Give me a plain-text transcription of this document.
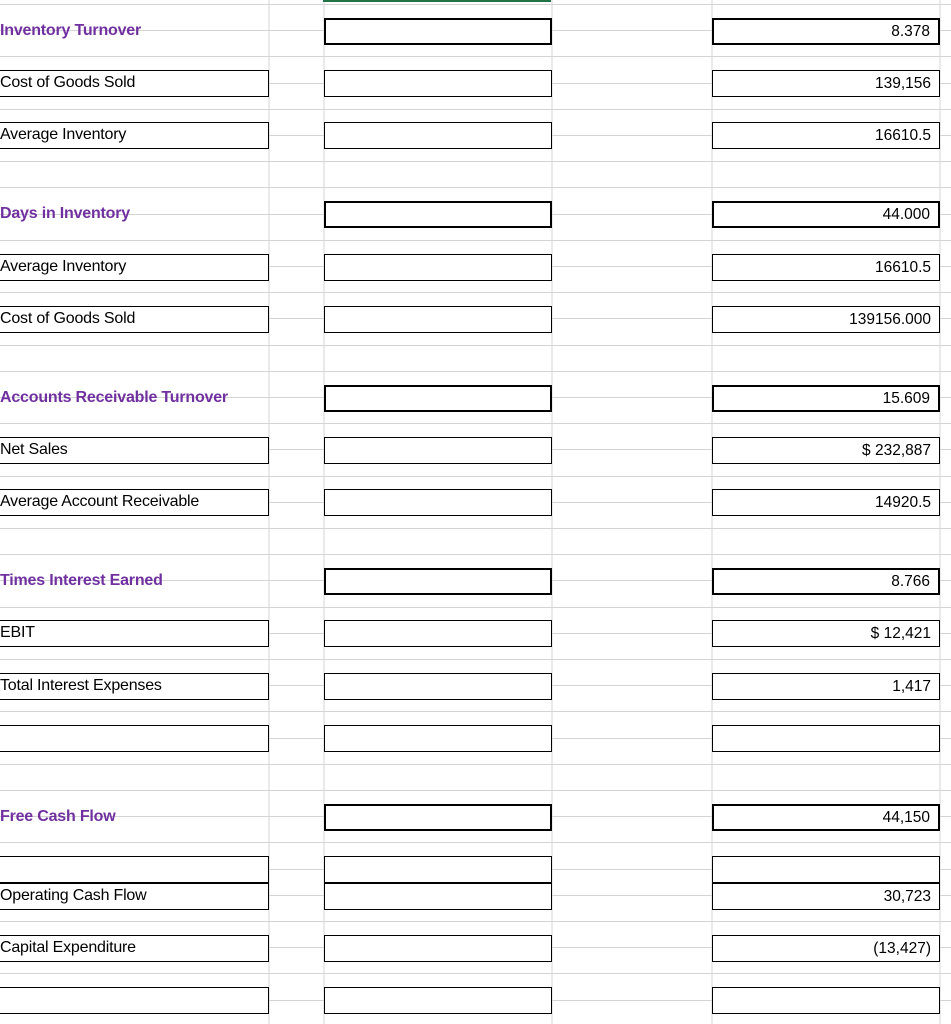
Inventory Turnover	8.378
Cost of Goods Sold	139,156
Average Inventory	16610.5
Days in Inventory	44.000
Average Inventory	16610.5
Cost of Goods Sold	139156.000
Accounts Receivable Turnover	15.609
Net Sales	$ 232,887
Average Account Receivable	14920.5
Times Interest Earned	8.766
EBIT	$ 12,421
Total Interest Expenses	1,417
Free Cash Flow	44,150
Operating Cash Flow	30,723
Capital Expenditure	(13,427)
